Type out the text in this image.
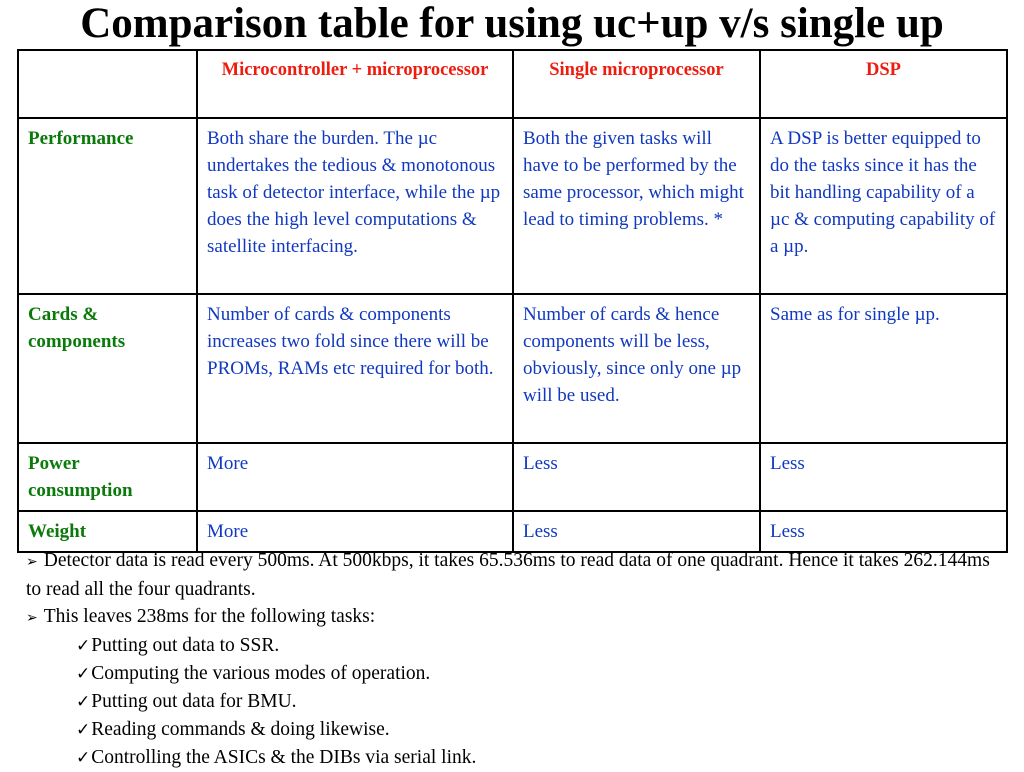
Comparison table for using uc+up v/s single up
	Microcontroller + microprocessor	Single microprocessor	DSP
Performance	Both share the burden. The µc undertakes the tedious & monotonous task of detector interface, while the µp does the high level computations & satellite interfacing.	Both the given tasks will have to be performed by the same processor, which might lead to timing problems. *	A DSP is better equipped to do the tasks since it has the bit handling capability of a µc & computing capability of a µp.
Cards & components	Number of cards & components increases two fold since there will be PROMs, RAMs etc required for both.	Number of cards & hence components will be less, obviously, since only one µp will be used.	Same as for single µp.
Power consumption	More	Less	Less
Weight	More	Less	Less
➢ Detector data is read every 500ms. At 500kbps, it takes 65.536ms to read data of one quadrant. Hence it takes 262.144ms to read all the four quadrants.
➢ This leaves 238ms for the following tasks:
✓Putting out data to SSR.
✓Computing the various modes of operation.
✓Putting out data for BMU.
✓Reading commands & doing likewise.
✓Controlling the ASICs & the DIBs via serial link.
